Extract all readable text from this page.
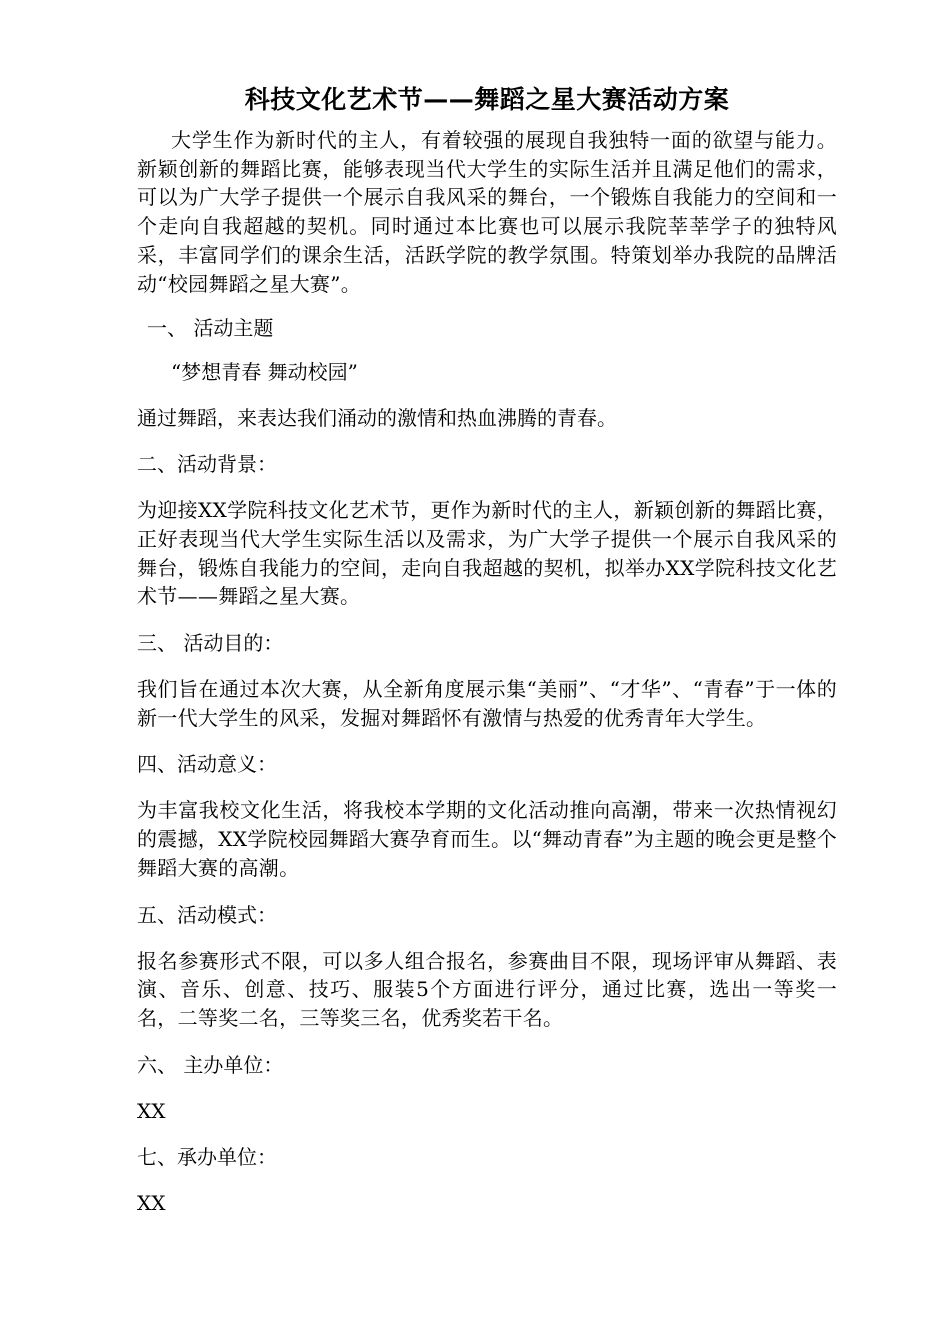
科技文化艺术节——舞蹈之星大赛活动方案

大学生作为新时代的主人，有着较强的展现自我独特一面的欲望与能力。新颖创新的舞蹈比赛，能够表现当代大学生的实际生活并且满足他们的需求，可以为广大学子提供一个展示自我风采的舞台，一个锻炼自我能力的空间和一个走向自我超越的契机。同时通过本比赛也可以展示我院莘莘学子的独特风采，丰富同学们的课余生活，活跃学院的教学氛围。特策划举办我院的品牌活动“校园舞蹈之星大赛”。

一、 活动主题

“梦想青春 舞动校园”

通过舞蹈，来表达我们涌动的激情和热血沸腾的青春。

二、活动背景：

为迎接XX学院科技文化艺术节，更作为新时代的主人，新颖创新的舞蹈比赛，正好表现当代大学生实际生活以及需求，为广大学子提供一个展示自我风采的舞台，锻炼自我能力的空间，走向自我超越的契机，拟举办XX学院科技文化艺术节——舞蹈之星大赛。

三、 活动目的：

我们旨在通过本次大赛，从全新角度展示集“美丽”、“才华”、“青春”于一体的新一代大学生的风采，发掘对舞蹈怀有激情与热爱的优秀青年大学生。

四、活动意义：

为丰富我校文化生活，将我校本学期的文化活动推向高潮，带来一次热情视幻的震撼，XX学院校园舞蹈大赛孕育而生。以“舞动青春”为主题的晚会更是整个舞蹈大赛的高潮。

五、活动模式：

报名参赛形式不限，可以多人组合报名，参赛曲目不限，现场评审从舞蹈、表演、音乐、创意、技巧、服装5个方面进行评分，通过比赛，选出一等奖一名，二等奖二名，三等奖三名，优秀奖若干名。

六、 主办单位：

XX

七、承办单位：

XX
